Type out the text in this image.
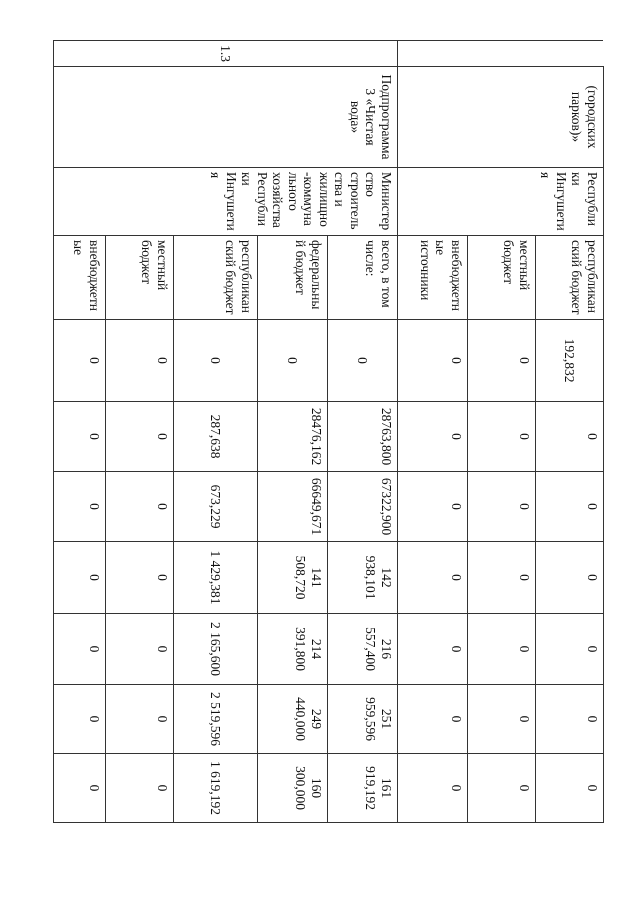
	(городских парков)»	Республики Ингушетия	республиканский бюджет	192,832	0	0	0	0	0	0
			местный бюджет	0	0	0	0	0	0	0
			внебюджетные источники	0	0	0	0	0	0	0
1.3	Подпрограмма 3 «Чистая вода»	Министерство строительства и жилищно-коммунального хозяйства Республики Ингушетия	всего, в том числе:	0	28763,800	67322,900	142 938,101	216 557,400	251 959,596	161 919,192
			федеральный бюджет	0	28476,162	66649,671	141 508,720	214 391,800	249 440,000	160 300,000
			республиканский бюджет	0	287,638	673,229	1 429,381	2 165,600	2 519,596	1 619,192
			местный бюджет	0	0	0	0	0	0	0
			внебюджетные	0	0	0	0	0	0	0
